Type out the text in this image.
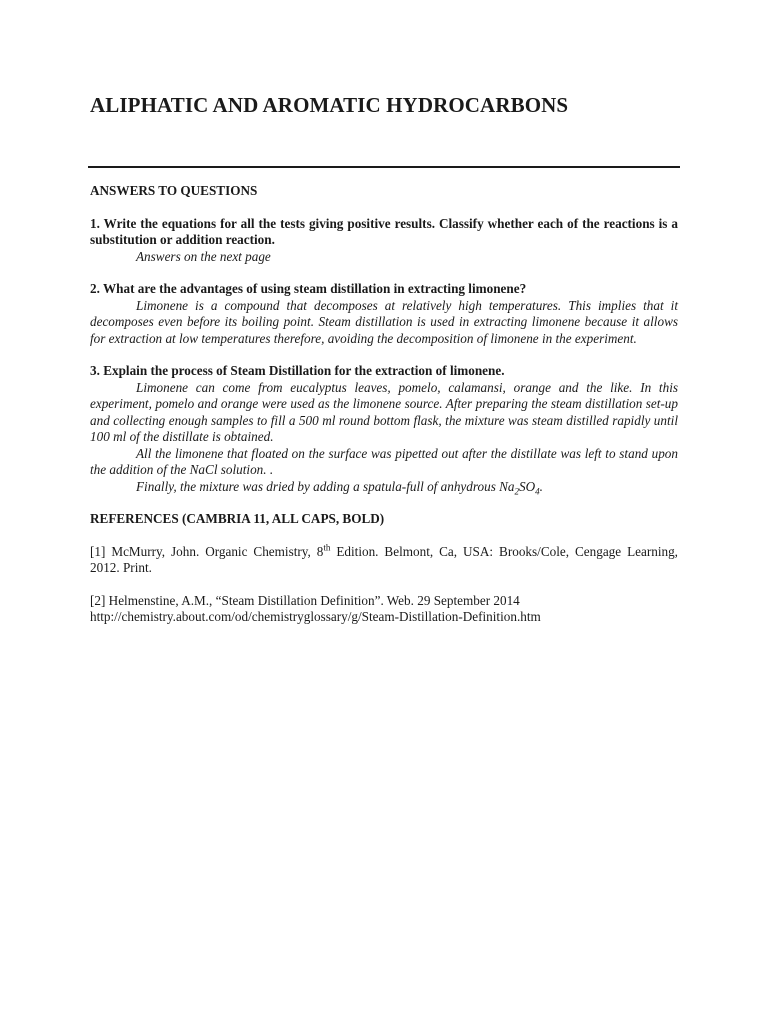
ALIPHATIC AND AROMATIC HYDROCARBONS

ANSWERS TO QUESTIONS

1. Write the equations for all the tests giving positive results. Classify whether each of the reactions is a substitution or addition reaction.

Answers on the next page

2. What are the advantages of using steam distillation in extracting limonene?

Limonene is a compound that decomposes at relatively high temperatures. This implies that it decomposes even before its boiling point. Steam distillation is used in extracting limonene because it allows for extraction at low temperatures therefore, avoiding the decomposition of limonene in the experiment.

3. Explain the process of Steam Distillation for the extraction of limonene.

Limonene can come from eucalyptus leaves, pomelo, calamansi, orange and the like. In this experiment, pomelo and orange were used as the limonene source. After preparing the steam distillation set-up and collecting enough samples to fill a 500 ml round bottom flask, the mixture was steam distilled rapidly until 100 ml of the distillate is obtained.

All the limonene that floated on the surface was pipetted out after the distillate was left to stand upon the addition of the NaCl solution. .

Finally, the mixture was dried by adding a spatula-full of anhydrous $Na_2SO_4$.

REFERENCES (CAMBRIA 11, ALL CAPS, BOLD)

[1] McMurry, John. Organic Chemistry, 8th Edition. Belmont, Ca, USA: Brooks/Cole, Cengage Learning, 2012. Print.

[2] Helmenstine, A.M., “Steam Distillation Definition”. Web. 29 September 2014
http://chemistry.about.com/od/chemistryglossary/g/Steam-Distillation-Definition.htm
